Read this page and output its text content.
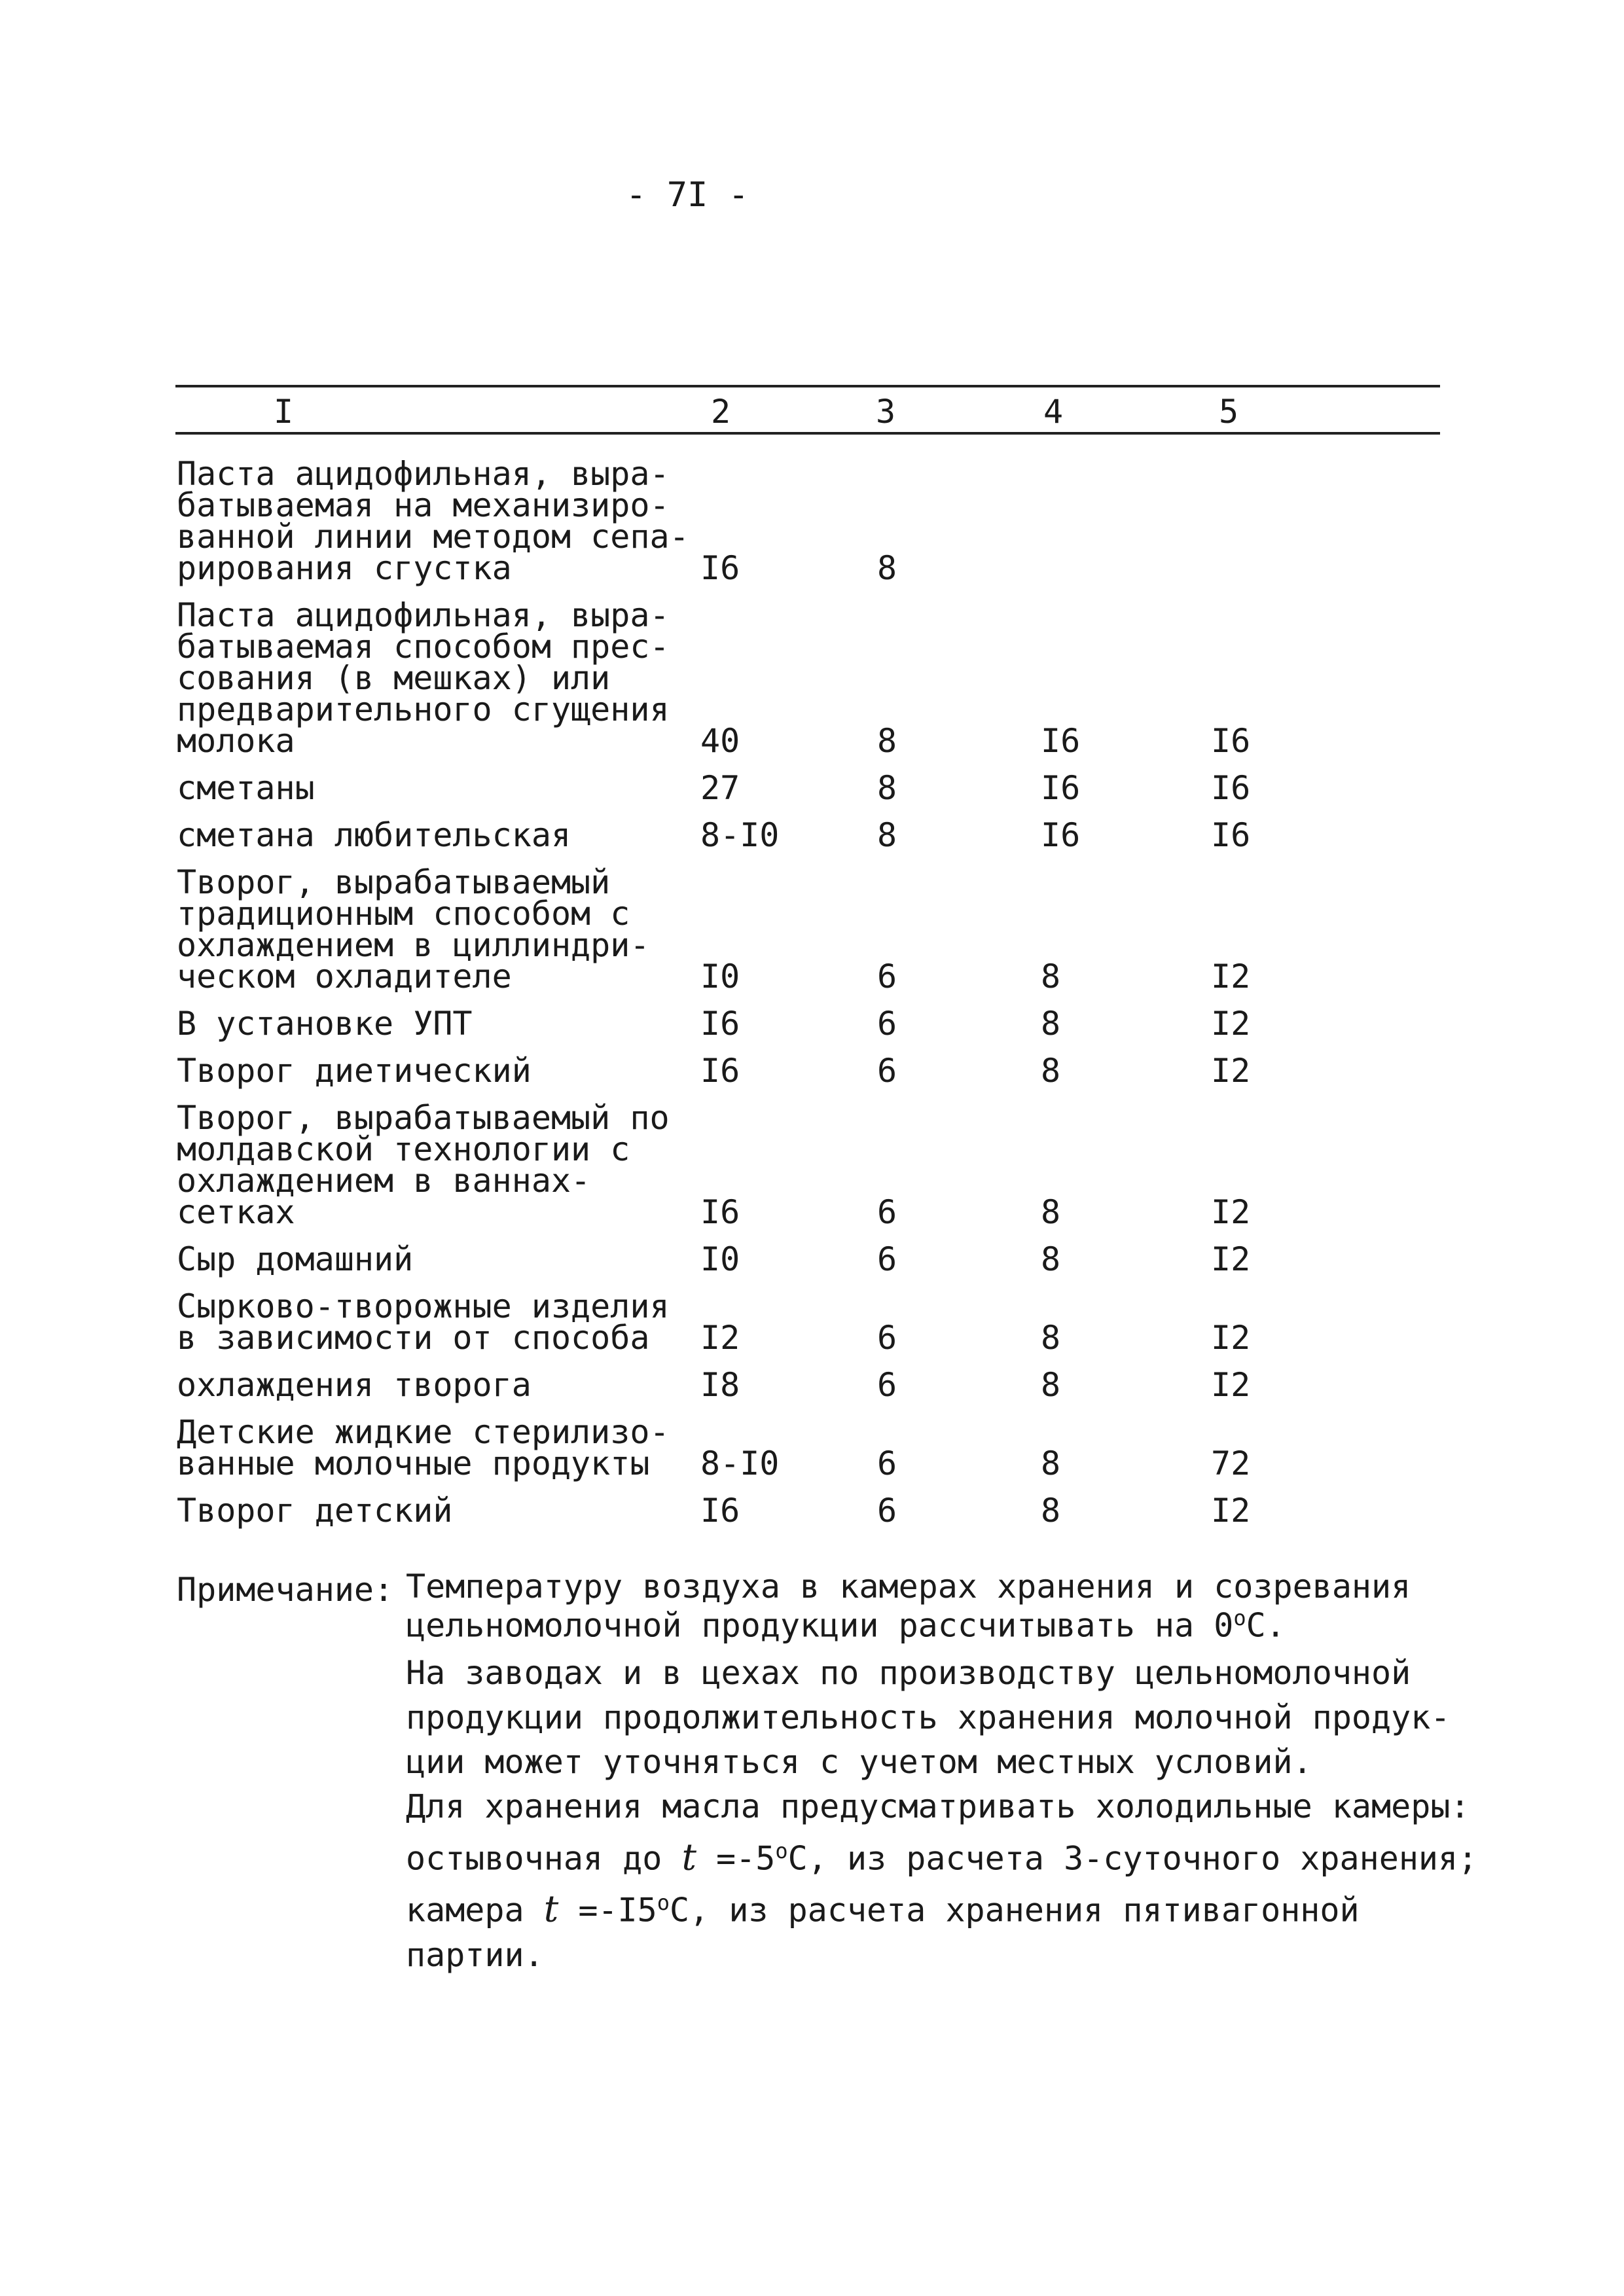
- 7I -
I	2	3	4	5
Паста ацидофильная, выра-
батываемая на механизиро-
ванной линии методом сепа-
рирования сгустка	I6	8
Паста ацидофильная, выра-
батываемая способом прес-
сования (в мешках) или
предварительного сгущения
молока	40	8	I6	I6
сметаны	27	8	I6	I6
сметана любительская	8-I0	8	I6	I6
Творог, вырабатываемый
традиционным способом с
охлаждением в циллиндри-
ческом охладителе	I0	6	8	I2
В установке УПТ	I6	6	8	I2
Творог диетический	I6	6	8	I2
Творог, вырабатываемый по
молдавской технологии с
охлаждением в ваннах-
сетках	I6	6	8	I2
Сыр домашний	I0	6	8	I2
Сырково-творожные изделия
в зависимости от способа	I2	6	8	I2
охлаждения творога	I8	6	8	I2
Детские жидкие стерилизо-
ванные молочные продукты	8-I0	6	8	72
Творог детский	I6	6	8	I2
Примечание: Температуру воздуха в камерах хранения и созревания
цельномолочной продукции рассчитывать на 0$^o$C.
На заводах и в цехах по производству цельномолочной
продукции продолжительность хранения молочной продук-
ции может уточняться с учетом местных условий.
Для хранения масла предусматривать холодильные камеры:
остывочная до $t =-5^oC$, из расчета 3-суточного хранения;
камера $t =-I5^oC$, из расчета хранения пятивагонной
партии.
